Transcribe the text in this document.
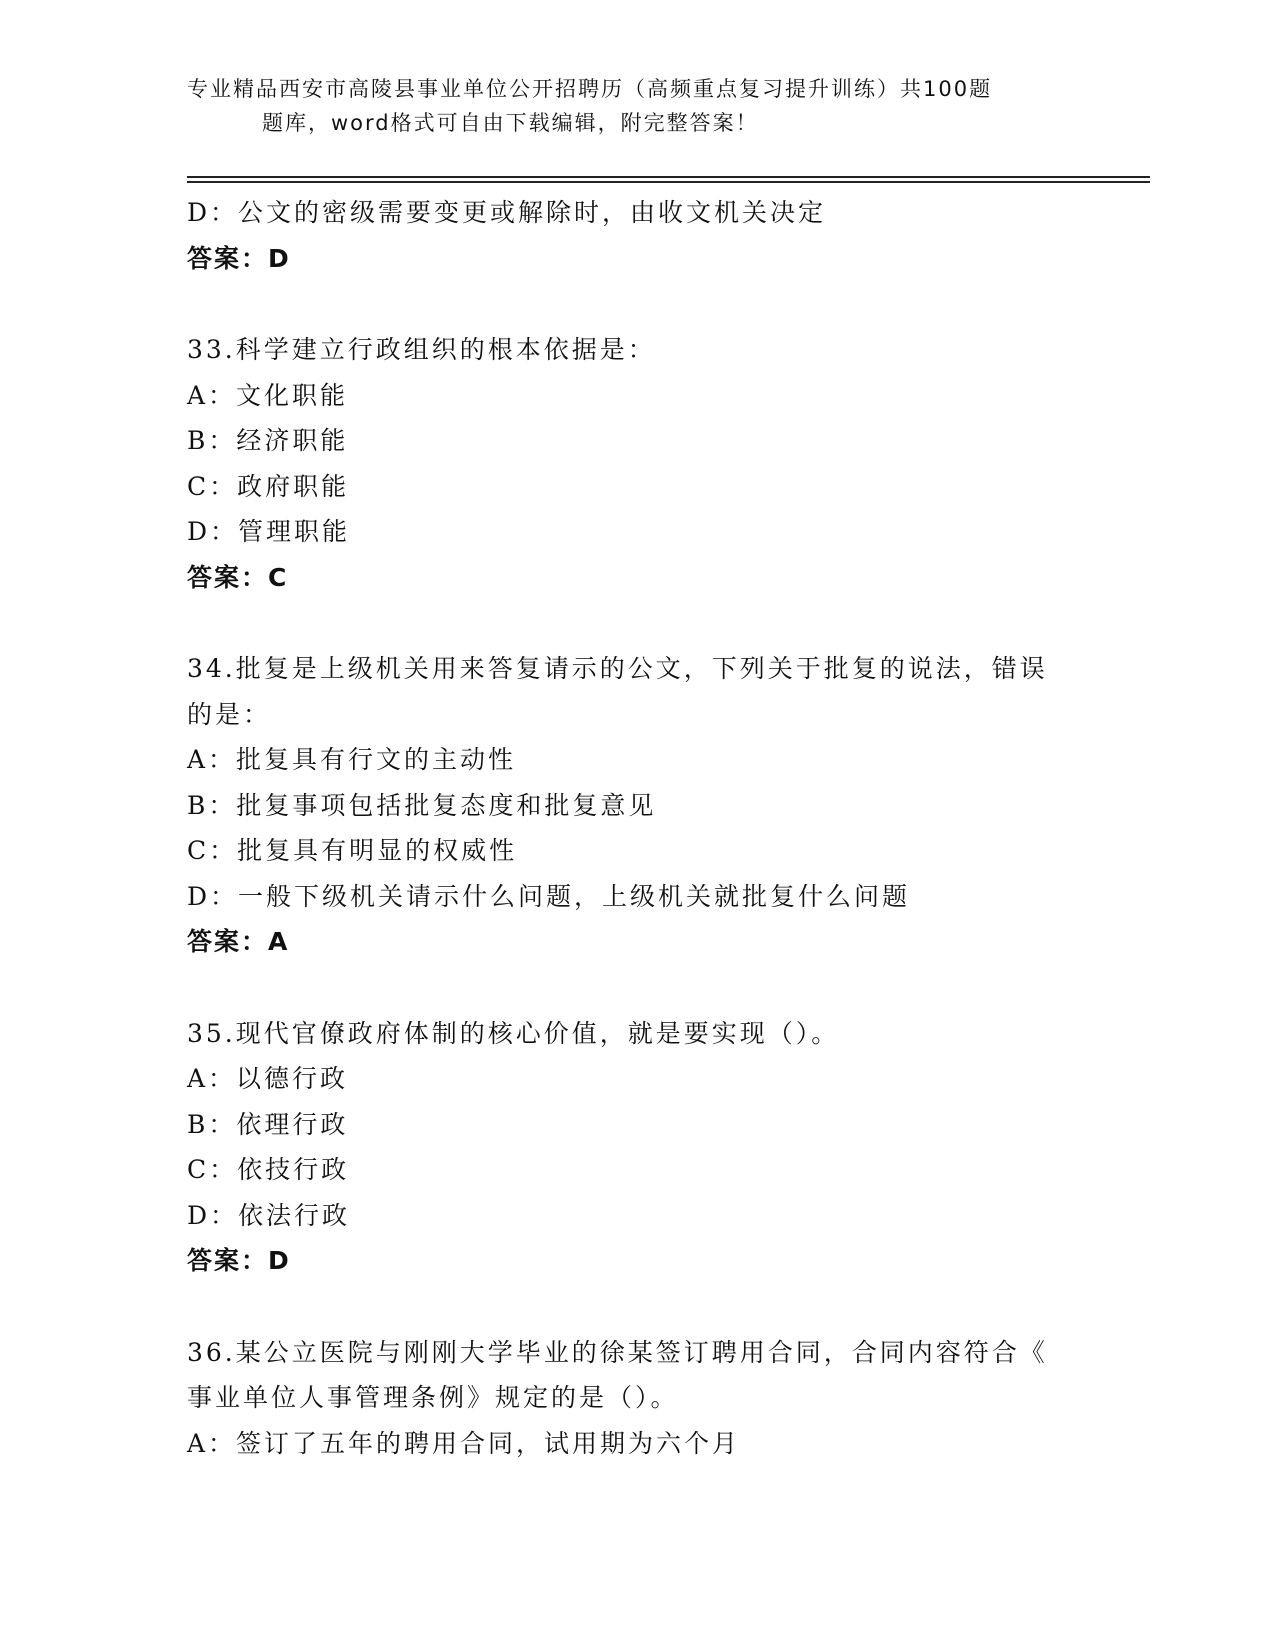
专业精品西安市高陵县事业单位公开招聘历（高频重点复习提升训练）共100题
题库，word格式可自由下载编辑，附完整答案！
D：公文的密级需要变更或解除时，由收文机关决定
答案：D
33.科学建立行政组织的根本依据是：
A：文化职能
B：经济职能
C：政府职能
D：管理职能
答案：C
34.批复是上级机关用来答复请示的公文，下列关于批复的说法，错误
的是：
A：批复具有行文的主动性
B：批复事项包括批复态度和批复意见
C：批复具有明显的权威性
D：一般下级机关请示什么问题，上级机关就批复什么问题
答案：A
35.现代官僚政府体制的核心价值，就是要实现（）。
A：以德行政
B：依理行政
C：依技行政
D：依法行政
答案：D
36.某公立医院与刚刚大学毕业的徐某签订聘用合同，合同内容符合《
事业单位人事管理条例》规定的是（）。
A：签订了五年的聘用合同，试用期为六个月
